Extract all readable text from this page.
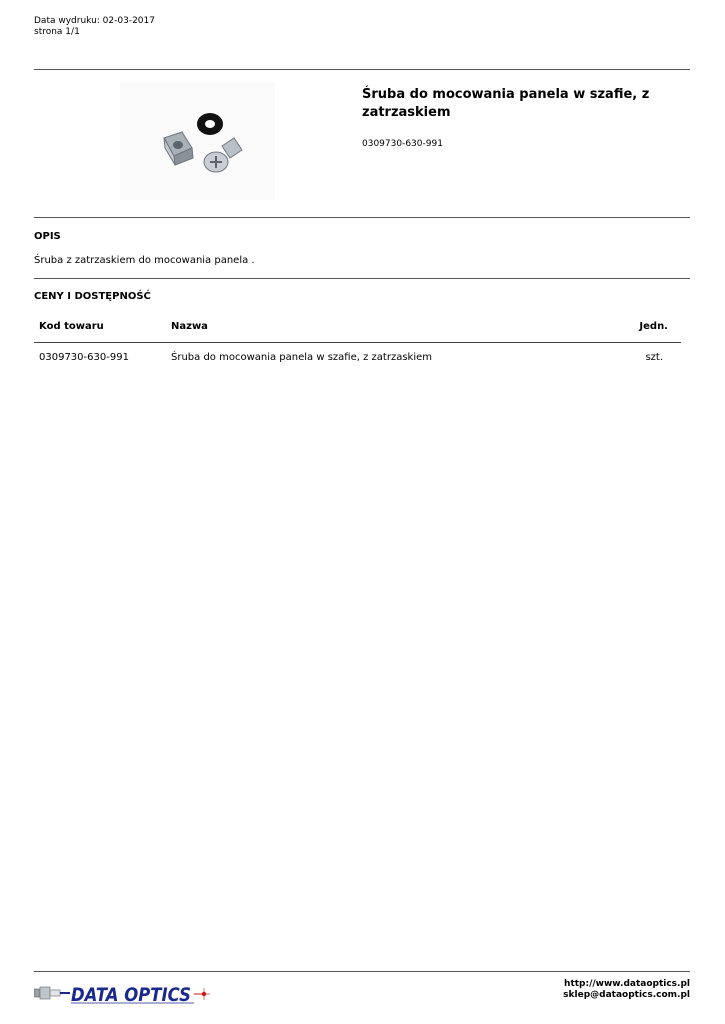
Data wydruku: 02-03-2017
strona 1/1
Śruba do mocowania panela w szafie, z zatrzaskiem
0309730-630-991
OPIS
Śruba z zatrzaskiem do mocowania panela .
CENY I DOSTĘPNOŚĆ
Kod towaru	Nazwa	Jedn.
0309730-630-991	Śruba do mocowania panela w szafie, z zatrzaskiem	szt.
DATA OPTICS	http://www.dataoptics.pl
sklep@dataoptics.com.pl
